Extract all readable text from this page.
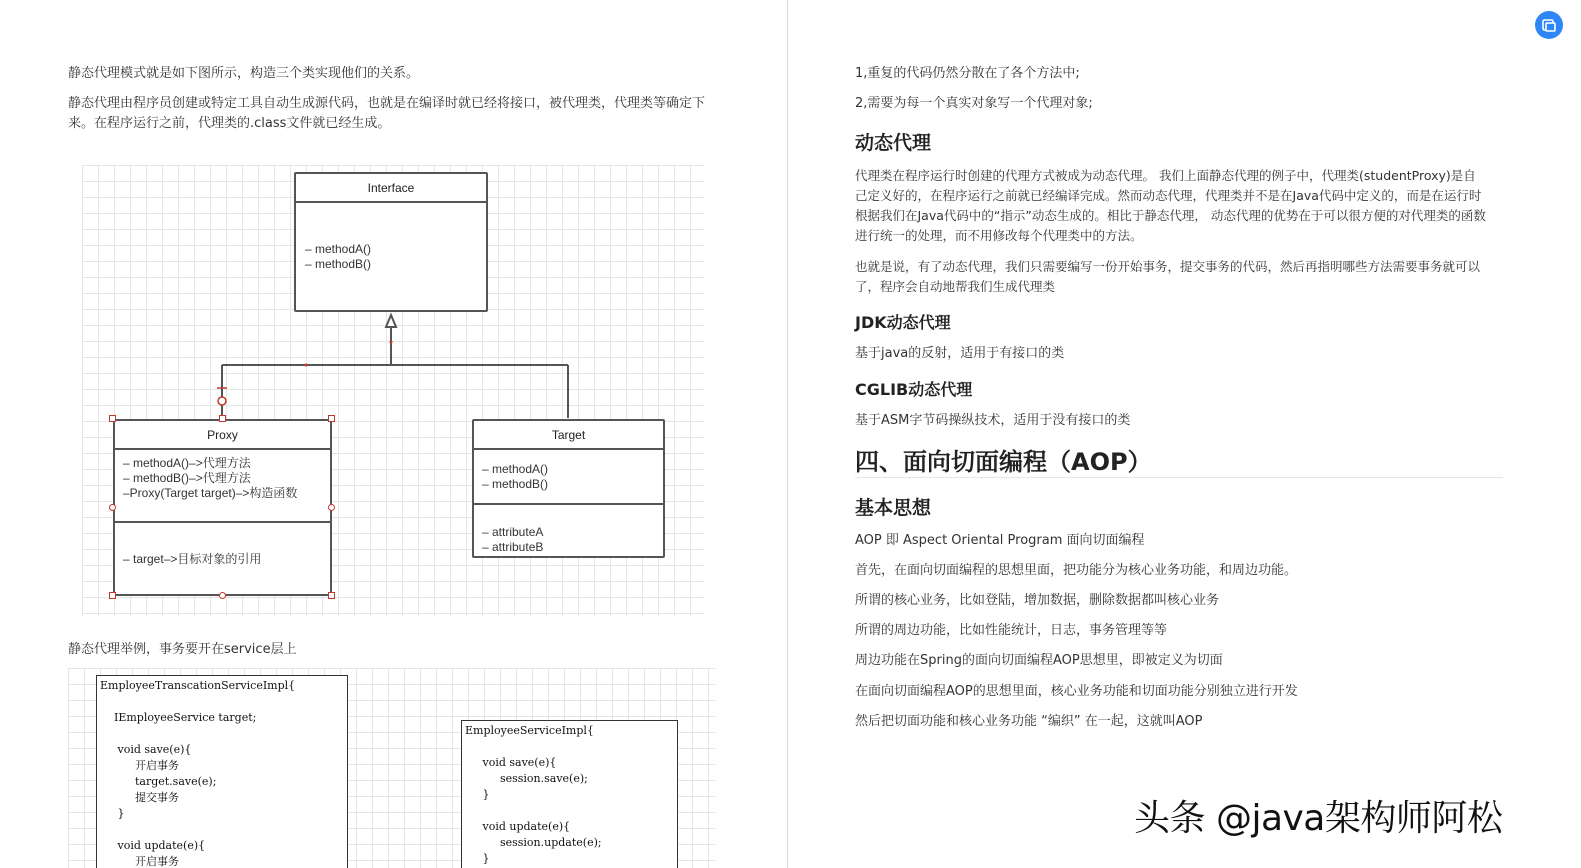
静态代理模式就是如下图所示，构造三个类实现他们的关系。
静态代理由程序员创建或特定工具自动生成源代码，也就是在编译时就已经将接口，被代理类，代理类等确定下
来。在程序运行之前，代理类的.class文件就已经生成。
Interface
– methodA()
– methodB()
Proxy
– methodA()–>代理方法
– methodB()–>代理方法
–Proxy(Target target)–>构造函数
– target–>目标对象的引用
Target
– methodA()
– methodB()
– attributeA
– attributeB
静态代理举例，事务要开在service层上
EmployeeTranscationServiceImpl{

IEmployeeService target;

void save(e){
开启事务
target.save(e);
提交事务
}

void update(e){
开启事务
EmployeeServiceImpl{

void save(e){
session.save(e);
}

void update(e){
session.update(e);
}
1,重复的代码仍然分散在了各个方法中;
2,需要为每一个真实对象写一个代理对象;
动态代理
代理类在程序运行时创建的代理方式被成为动态代理。 我们上面静态代理的例子中，代理类(studentProxy)是自
己定义好的，在程序运行之前就已经编译完成。然而动态代理，代理类并不是在Java代码中定义的，而是在运行时
根据我们在Java代码中的“指示”动态生成的。相比于静态代理， 动态代理的优势在于可以很方便的对代理类的函数
进行统一的处理，而不用修改每个代理类中的方法。
也就是说，有了动态代理，我们只需要编写一份开始事务，提交事务的代码，然后再指明哪些方法需要事务就可以
了，程序会自动地帮我们生成代理类
JDK动态代理
基于java的反射，适用于有接口的类
CGLIB动态代理
基于ASM字节码操纵技术，适用于没有接口的类
四、面向切面编程（AOP）
基本思想
AOP 即 Aspect Oriental Program 面向切面编程
首先，在面向切面编程的思想里面，把功能分为核心业务功能，和周边功能。
所谓的核心业务，比如登陆，增加数据，删除数据都叫核心业务
所谓的周边功能，比如性能统计，日志，事务管理等等
周边功能在Spring的面向切面编程AOP思想里，即被定义为切面
在面向切面编程AOP的思想里面，核心业务功能和切面功能分别独立进行开发
然后把切面功能和核心业务功能 “编织” 在一起，这就叫AOP
头条 @java架构师阿松
